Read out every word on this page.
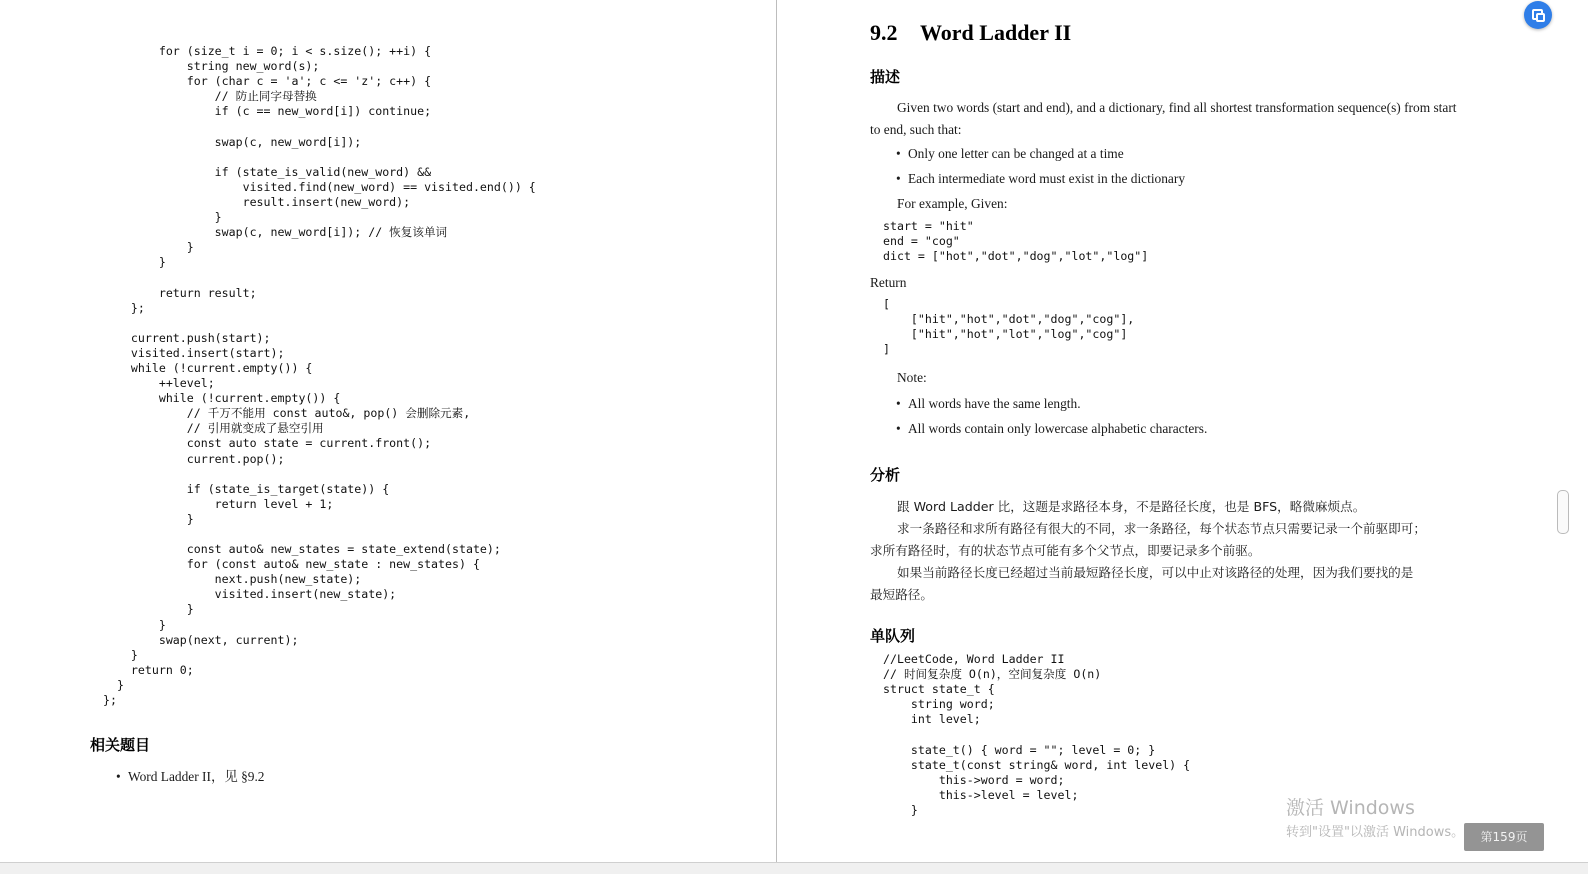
for (size_t i = 0; i < s.size(); ++i) {
string new_word(s);
for (char c = 'a'; c <= 'z'; c++) {
// 防止同字母替换
if (c == new_word[i]) continue;

swap(c, new_word[i]);

if (state_is_valid(new_word) &&
visited.find(new_word) == visited.end()) {
result.insert(new_word);
}
swap(c, new_word[i]); // 恢复该单词
}
}

return result;
};

current.push(start);
visited.insert(start);
while (!current.empty()) {
++level;
while (!current.empty()) {
// 千万不能用 const auto&, pop() 会删除元素,
// 引用就变成了悬空引用
const auto state = current.front();
current.pop();

if (state_is_target(state)) {
return level + 1;
}

const auto& new_states = state_extend(state);
for (const auto& new_state : new_states) {
next.push(new_state);
visited.insert(new_state);
}
}
swap(next, current);
}
return 0;
}
};
相关题目

• Word Ladder II，见 §9.2

9.2 Word Ladder II
描述

Given two words (start and end), and a dictionary, find all shortest transformation sequence(s) from start to end, such that:

• Only one letter can be changed at a time

• Each intermediate word must exist in the dictionary

For example, Given:

start = "hit"
end = "cog"
dict = ["hot","dot","dog","lot","log"]

Return

[
["hit","hot","dot","dog","cog"],
["hit","hot","lot","log","cog"]
]

Note:

• All words have the same length.

• All words contain only lowercase alphabetic characters.

分析

跟 Word Ladder 比，这题是求路径本身，不是路径长度，也是 BFS，略微麻烦点。

求一条路径和求所有路径有很大的不同，求一条路径，每个状态节点只需要记录一个前驱即可；

求所有路径时，有的状态节点可能有多个父节点，即要记录多个前驱。

如果当前路径长度已经超过当前最短路径长度，可以中止对该路径的处理，因为我们要找的是

最短路径。

单队列
//LeetCode, Word Ladder II
// 时间复杂度 O(n)，空间复杂度 O(n)
struct state_t {
string word;
int level;

state_t() { word = ""; level = 0; }
state_t(const string& word, int level) {
this->word = word;
this->level = level;
}	激活 Windows

转到"设置"以激活 Windows。	第159页
